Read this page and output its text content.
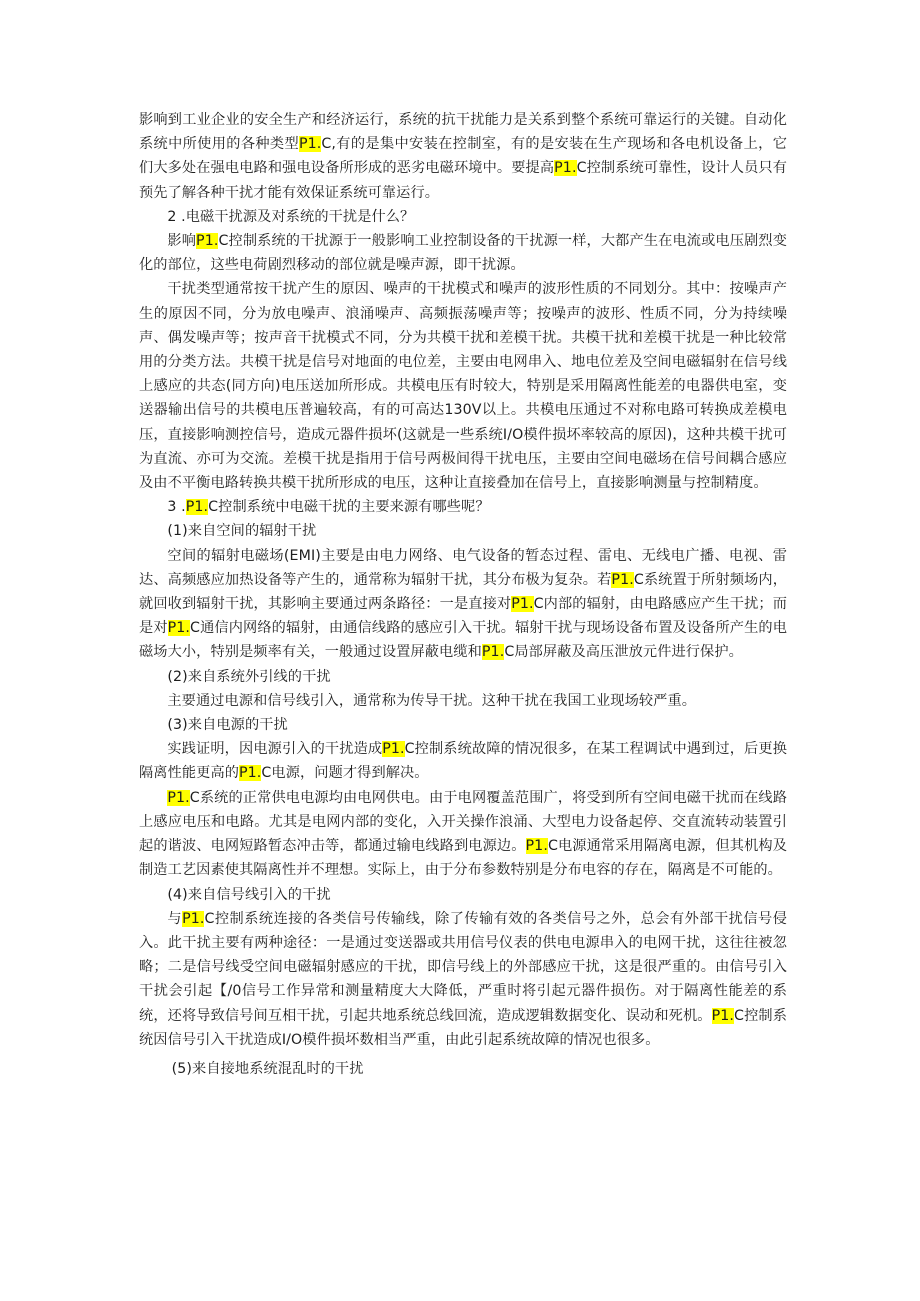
影响到工业企业的安全生产和经济运行，系统的抗干扰能力是关系到整个系统可靠运行的关键。自动化系统中所使用的各种类型P1.C,有的是集中安装在控制室，有的是安装在生产现场和各电机设备上，它们大多处在强电电路和强电设备所形成的恶劣电磁环境中。要提高P1.C控制系统可靠性，设计人员只有预先了解各种干扰才能有效保证系统可靠运行。

2 .电磁干扰源及对系统的干扰是什么？

影响P1.C控制系统的干扰源于一般影响工业控制设备的干扰源一样，大都产生在电流或电压剧烈变化的部位，这些电荷剧烈移动的部位就是噪声源，即干扰源。

干扰类型通常按干扰产生的原因、噪声的干扰模式和噪声的波形性质的不同划分。其中：按噪声产生的原因不同，分为放电噪声、浪涌噪声、高频振荡噪声等；按噪声的波形、性质不同，分为持续噪声、偶发噪声等；按声音干扰模式不同，分为共模干扰和差模干扰。共模干扰和差模干扰是一种比较常用的分类方法。共模干扰是信号对地面的电位差，主要由电网串入、地电位差及空间电磁辐射在信号线上感应的共态(同方向)电压送加所形成。共模电压有时较大，特别是采用隔离性能差的电器供电室，变送器输出信号的共模电压普遍较高，有的可高达130V以上。共模电压通过不对称电路可转换成差模电压，直接影响测控信号，造成元器件损坏(这就是一些系统I/O模件损坏率较高的原因)，这种共模干扰可为直流、亦可为交流。差模干扰是指用于信号两极间得干扰电压，主要由空间电磁场在信号间耦合感应及由不平衡电路转换共模干扰所形成的电压，这种让直接叠加在信号上，直接影响测量与控制精度。

3 .P1.C控制系统中电磁干扰的主要来源有哪些呢？

(1)来自空间的辐射干扰

空间的辐射电磁场(EMI)主要是由电力网络、电气设备的暂态过程、雷电、无线电广播、电视、雷达、高频感应加热设备等产生的，通常称为辐射干扰，其分布极为复杂。若P1.C系统置于所射频场内，就回收到辐射干扰，其影响主要通过两条路径：一是直接对P1.C内部的辐射，由电路感应产生干扰；而是对P1.C通信内网络的辐射，由通信线路的感应引入干扰。辐射干扰与现场设备布置及设备所产生的电磁场大小，特别是频率有关，一般通过设置屏蔽电缆和P1.C局部屏蔽及高压泄放元件进行保护。

(2)来自系统外引线的干扰

主要通过电源和信号线引入，通常称为传导干扰。这种干扰在我国工业现场较严重。

(3)来自电源的干扰

实践证明，因电源引入的干扰造成P1.C控制系统故障的情况很多，在某工程调试中遇到过，后更换隔离性能更高的P1.C电源，问题才得到解决。

P1.C系统的正常供电电源均由电网供电。由于电网覆盖范围广，将受到所有空间电磁干扰而在线路上感应电压和电路。尤其是电网内部的变化，入开关操作浪涌、大型电力设备起停、交直流转动装置引起的谐波、电网短路暂态冲击等，都通过输电线路到电源边。P1.C电源通常采用隔离电源，但其机构及制造工艺因素使其隔离性并不理想。实际上，由于分布参数特别是分布电容的存在，隔离是不可能的。

(4)来自信号线引入的干扰

与P1.C控制系统连接的各类信号传输线，除了传输有效的各类信号之外，总会有外部干扰信号侵入。此干扰主要有两种途径：一是通过变送器或共用信号仪表的供电电源串入的电网干扰，这往往被忽略；二是信号线受空间电磁辐射感应的干扰，即信号线上的外部感应干扰，这是很严重的。由信号引入干扰会引起【/0信号工作异常和测量精度大大降低，严重时将引起元器件损伤。对于隔离性能差的系统，还将导致信号间互相干扰，引起共地系统总线回流，造成逻辑数据变化、误动和死机。P1.C控制系统因信号引入干扰造成I/O模件损坏数相当严重，由此引起系统故障的情况也很多。

(5)来自接地系统混乱时的干扰
